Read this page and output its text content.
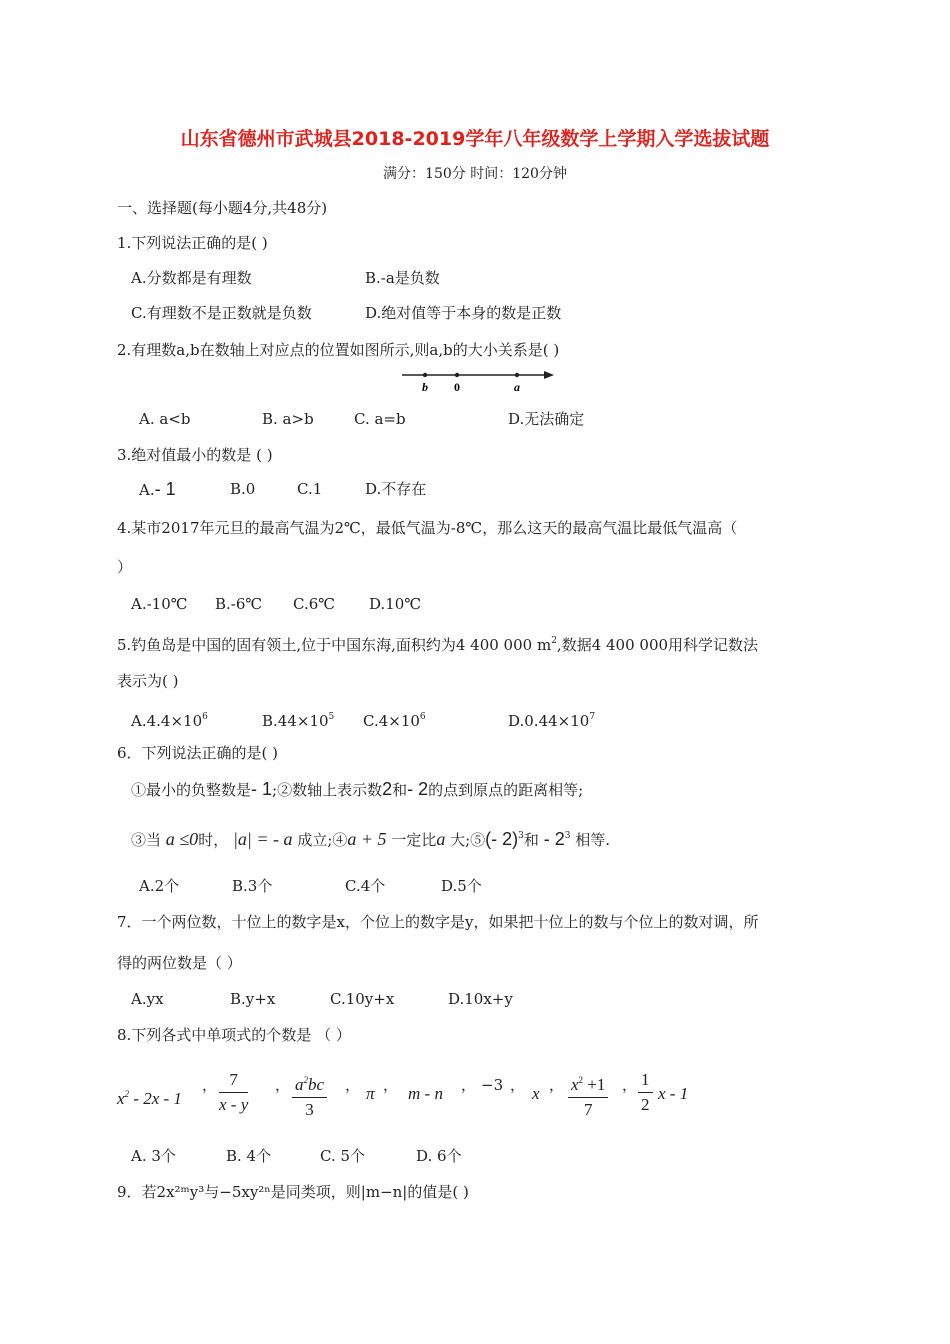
山东省德州市武城县2018-2019学年八年级数学上学期入学选拔试题
满分：150分 时间：120分钟
一、选择题(每小题4分,共48分)
1.下列说法正确的是( )
A.分数都是有理数	B.-a是负数
C.有理数不是正数就是负数	D.绝对值等于本身的数是正数
2.有理数a,b在数轴上对应点的位置如图所示,则a,b的大小关系是( )
b 0	a
A. a<b	B. a>b	C. a=b	D.无法确定
3.绝对值最小的数是 ( )
A.- 1	B.0	C.1	D.不存在
4.某市2017年元旦的最高气温为2℃，最低气温为-8℃，那么这天的最高气温比最低气温高（
）
A.-10℃ B.-6℃ C.6℃ D.10℃
5.钓鱼岛是中国的固有领土,位于中国东海,面积约为4 400 000 $m^2$,数据4 400 000用科学记数法
表示为( )
$A.4.4\times 10^6$	$B.44\times 10^5$ $C.4\times 10^6$	$D.0.44\times 10^7$
6．下列说法正确的是( )
①最小的负整数是- 1;②数轴上表示数2和- 2的点到原点的距离相等;
③当 a ≤0时， |a| = - a 成立;④a + 5 一定比a 大;⑤(- 2)$^3$和 - $2^3$ 相等.
A.2个	B.3个	C.4个	D.5个
7．一个两位数，十位上的数字是x，个位上的数字是y，如果把十位上的数与个位上的数对调，所
得的两位数是（ ）
A.yx	B.y+x	C.10y+x	D.10x+y
8.下列各式中单项式的个数是 （ ）
$x^2 - 2x - 1$
， $\frac{7}{x - y}$ ， $\frac{a^2bc}{3}$ ， π ， m - n ， −3 ， x ， $\frac{x^2 +1}{7}$ ， $\frac{1}{2}$ x - 1
A. 3个	B. 4个	C. 5个	D. 6个
9．若2x²ᵐy³与−5xy²ⁿ是同类项，则|m−n|的值是( )
